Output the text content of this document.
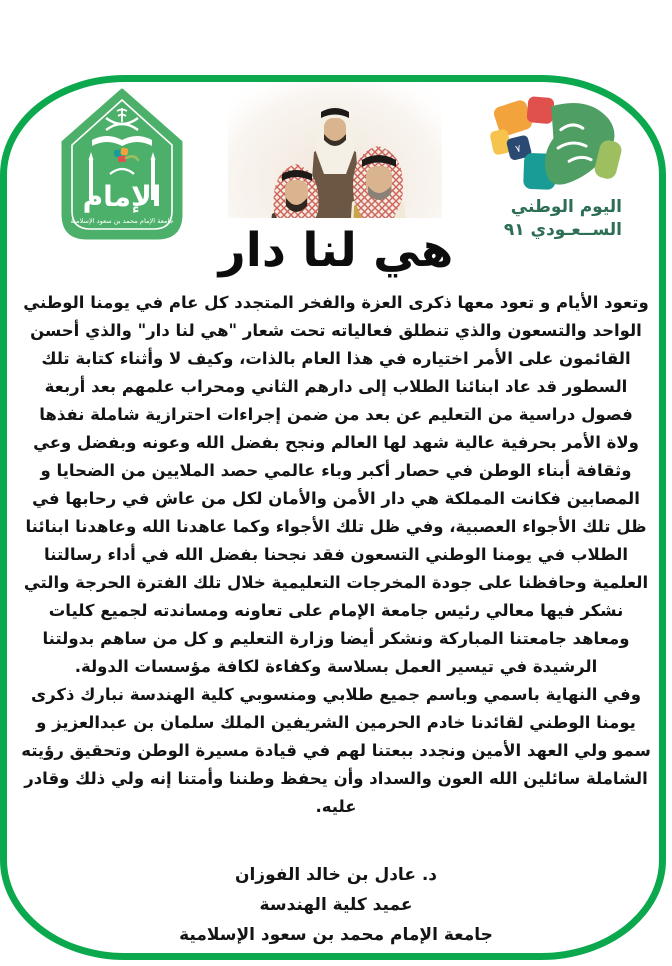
الإمام
جامعة الإمام محمد بن سعود الإسلامية
٧
اليوم الوطني
الســعـودي ٩١
هي لنا دار
وتعود الأيام و تعود معها ذكرى العزة والفخر المتجدد كل عام في يومنا الوطني
الواحد والتسعون والذي تنطلق فعالياته تحت شعار "هي لنا دار" والذي أحسن
القائمون على الأمر اختياره في هذا العام بالذات، وكيف لا وأثناء كتابة تلك
السطور قد عاد ابنائنا الطلاب إلى دارهم الثاني ومحراب علمهم بعد أربعة
فصول دراسية من التعليم عن بعد من ضمن إجراءات احترازية شاملة نفذها
ولاة الأمر بحرفية عالية شهد لها العالم ونجح بفضل الله وعونه وبفضل وعي
وثقافة أبناء الوطن في حصار أكبر وباء عالمي حصد الملايين من الضحايا و
المصابين فكانت المملكة هي دار الأمن والأمان لكل من عاش في رحابها في
ظل تلك الأجواء العصبية، وفي ظل تلك الأجواء وكما عاهدنا الله وعاهدنا ابنائنا
الطلاب في يومنا الوطني التسعون فقد نجحنا بفضل الله في أداء رسالتنا
العلمية وحافظنا على جودة المخرجات التعليمية خلال تلك الفترة الحرجة والتي
نشكر فيها معالي رئيس جامعة الإمام على تعاونه ومساندته لجميع كليات
ومعاهد جامعتنا المباركة ونشكر أيضا وزارة التعليم و كل من ساهم بدولتنا
الرشيدة في تيسير العمل بسلاسة وكفاءة لكافة مؤسسات الدولة.
وفي النهاية باسمي وباسم جميع طلابي ومنسوبي كلية الهندسة نبارك ذكرى
يومنا الوطني لقائدنا خادم الحرمين الشريفين الملك سلمان بن عبدالعزيز و
سمو ولي العهد الأمين ونجدد ببعتنا لهم في قيادة مسيرة الوطن وتحقيق رؤيته
الشاملة سائلين الله العون والسداد وأن يحفظ وطننا وأمتنا إنه ولي ذلك وقادر
عليه.
د. عادل بن خالد الفوزان
عميد كلية الهندسة
جامعة الإمام محمد بن سعود الإسلامية
